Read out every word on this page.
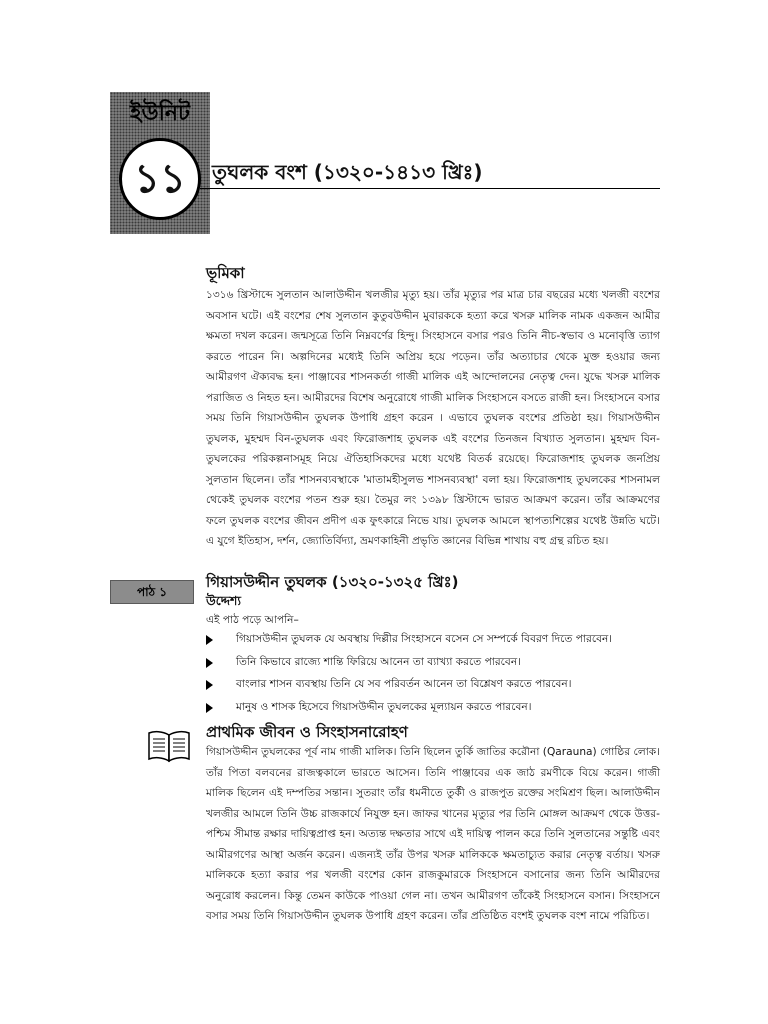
ইউনিট
১১	তুঘলক বংশ (১৩২০-১৪১৩ খ্রিঃ)
ভূমিকা

১৩১৬ খ্রিস্টাব্দে সুলতান আলাউদ্দীন খলজীর মৃত্যু হয়। তাঁর মৃত্যুর পর মাত্র চার বছরের মধ্যে খলজী বংশের অবসান ঘটে। এই বংশের শেষ সুলতান কুতুবউদ্দীন মুবারককে হত্যা করে খসরু মালিক নামক একজন আমীর ক্ষমতা দখল করেন। জন্মসূত্রে তিনি নিম্নবর্ণের হিন্দু। সিংহাসনে বসার পরও তিনি নীচ-স্বভাব ও মনোবৃত্তি ত্যাগ করতে পারেন নি। অল্পদিনের মধ্যেই তিনি অপ্রিয় হয়ে পড়েন। তাঁর অত্যাচার থেকে মুক্ত হওয়ার জন্য আমীরগণ ঐক্যবদ্ধ হন। পাঞ্জাবের শাসনকর্তা গাজী মালিক এই আন্দোলনের নেতৃত্ব দেন। যুদ্ধে খসরু মালিক পরাজিত ও নিহত হন। আমীরদের বিশেষ অনুরোধে গাজী মালিক সিংহাসনে বসতে রাজী হন। সিংহাসনে বসার সময় তিনি গিয়াসউদ্দীন তুঘলক উপাধি গ্রহণ করেন । এভাবে তুঘলক বংশের প্রতিষ্ঠা হয়। গিয়াসউদ্দীন তুঘলক, মুহম্মদ বিন-তুঘলক এবং ফিরোজশাহ তুঘলক এই বংশের তিনজন বিখ্যাত সুলতান। মুহম্মদ বিন-তুঘলকের পরিকল্পনাসমূহ নিয়ে ঐতিহাসিকদের মধ্যে যথেষ্ট বিতর্ক রয়েছে। ফিরোজশাহ তুঘলক জনপ্রিয় সুলতান ছিলেন। তাঁর শাসনব্যবস্থাকে 'মাতামহীসুলভ শাসনব্যবস্থা' বলা হয়। ফিরোজশাহ তুঘলকের শাসনামল থেকেই তুঘলক বংশের পতন শুরু হয়। তৈমুর লং ১৩৯৮ খ্রিস্টাব্দে ভারত আক্রমণ করেন। তাঁর আক্রমণের ফলে তুঘলক বংশের জীবন প্রদীপ এক ফুৎকারে নিভে যায়। তুঘলক আমলে স্থাপত্যশিল্পের যথেষ্ট উন্নতি ঘটে। এ যুগে ইতিহাস, দর্শন, জ্যোতির্বিদ্যা, ভ্রমণকাহিনী প্রভৃতি জ্ঞানের বিভিন্ন শাখায় বহু গ্রন্থ রচিত হয়।

পাঠ ১
গিয়াসউদ্দীন তুঘলক (১৩২০-১৩২৫ খ্রিঃ)
উদ্দেশ্য

এই পাঠ পড়ে আপনি–

গিয়াসউদ্দীন তুঘলক যে অবস্থায় দিল্লীর সিংহাসনে বসেন সে সম্পর্কে বিবরণ দিতে পারবেন।
তিনি কিভাবে রাজ্যে শান্তি ফিরিয়ে আনেন তা ব্যাখ্যা করতে পারবেন।
বাংলার শাসন ব্যবস্থায় তিনি যে সব পরিবর্তন আনেন তা বিশ্লেষণ করতে পারবেন।
মানুষ ও শাসক হিসেবে গিয়াসউদ্দীন তুঘলকের মূল্যায়ন করতে পারবেন।
প্রাথমিক জীবন ও সিংহাসনারোহণ

গিয়াসউদ্দীন তুঘলকের পূর্ব নাম গাজী মালিক। তিনি ছিলেন তুর্কি জাতির করৌনা (Qarauna) গোষ্ঠির লোক। তাঁর পিতা বলবনের রাজত্বকালে ভারতে আসেন। তিনি পাঞ্জাবের এক জাঠ রমণীকে বিয়ে করেন। গাজী মালিক ছিলেন এই দম্পতির সন্তান। সুতরাং তাঁর ধমনীতে তুর্কী ও রাজপুত রক্তের সংমিশ্রণ ছিল। আলাউদ্দীন খলজীর আমলে তিনি উচ্চ রাজকার্যে নিযুক্ত হন। জাফর খানের মৃত্যুর পর তিনি মোঙ্গল আক্রমণ থেকে উত্তর-পশ্চিম সীমান্ত রক্ষার দায়িত্বপ্রাপ্ত হন। অত্যন্ত দক্ষতার সাথে এই দায়িত্ব পালন করে তিনি সুলতানের সন্তুষ্টি এবং আমীরগণের আস্থা অর্জন করেন। এজন্যই তাঁর উপর খসরু মালিককে ক্ষমতাচ্যুত করার নেতৃত্ব বর্তায়। খসরু মালিককে হত্যা করার পর খলজী বংশের কোন রাজকুমারকে সিংহাসনে বসানোর জন্য তিনি আমীরদের অনুরোধ করলেন। কিন্তু তেমন কাউকে পাওয়া গেল না। তখন আমীরগণ তাঁকেই সিংহাসনে বসান। সিংহাসনে বসার সময় তিনি গিয়াসউদ্দীন তুঘলক উপাধি গ্রহণ করেন। তাঁর প্রতিষ্ঠিত বংশই তুঘলক বংশ নামে পরিচিত।
